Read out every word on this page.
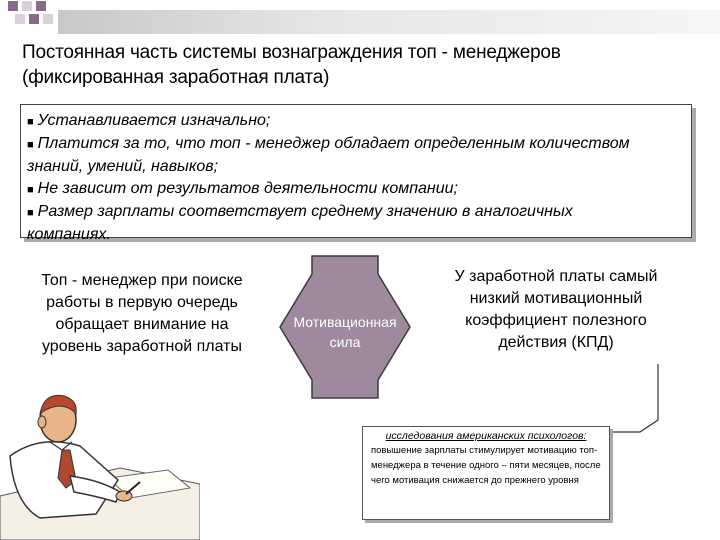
Постоянная часть системы вознаграждения топ - менеджеров
(фиксированная заработная плата)
■ Устанавливается изначально;
■ Платится за то, что топ - менеджер обладает определенным количеством
знаний, умений, навыков;
■ Не зависит от результатов деятельности компании;
■ Размер зарплаты соответствует среднему значению в аналогичных
компаниях.
Топ - менеджер при поиске работы в первую очередь обращает внимание на уровень заработной платы
Мотивационная сила
У заработной платы самый низкий мотивационный коэффициент полезного действия (КПД)
исследования американских психологов:
повышение зарплаты стимулирует мотивацию топ-менеджера в течение одного – пяти месяцев, после чего мотивация снижается до прежнего уровня
